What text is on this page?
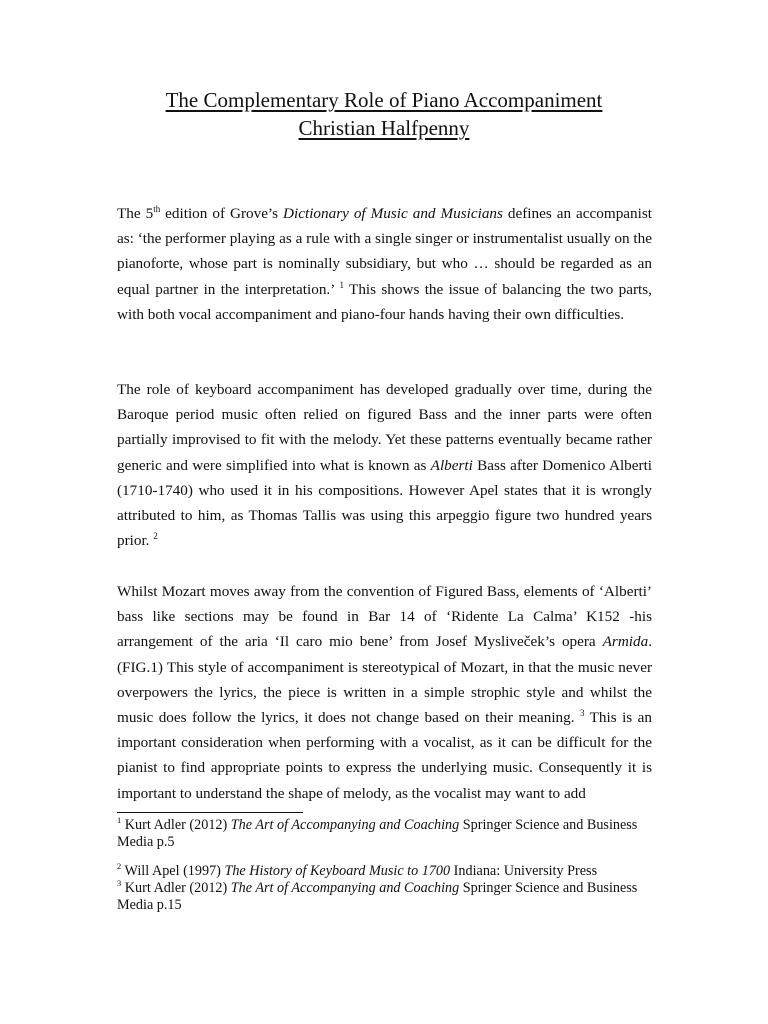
The Complementary Role of Piano Accompaniment
Christian Halfpenny

The 5th edition of Grove’s Dictionary of Music and Musicians defines an accompanist as: ‘the performer playing as a rule with a single singer or instrumentalist usually on the pianoforte, whose part is nominally subsidiary, but who … should be regarded as an equal partner in the interpretation.’ $^1$ This shows the issue of balancing the two parts, with both vocal accompaniment and piano-four hands having their own difficulties.

The role of keyboard accompaniment has developed gradually over time, during the Baroque period music often relied on figured Bass and the inner parts were often partially improvised to fit with the melody. Yet these patterns eventually became rather generic and were simplified into what is known as Alberti Bass after Domenico Alberti (1710-1740) who used it in his compositions. However Apel states that it is wrongly attributed to him, as Thomas Tallis was using this arpeggio figure two hundred years prior. $^2$

Whilst Mozart moves away from the convention of Figured Bass, elements of ‘Alberti’ bass like sections may be found in Bar 14 of ‘Ridente La Calma’ K152 -his arrangement of the aria ‘Il caro mio bene’ from Josef Mysliveček’s opera Armida. (FIG.1) This style of accompaniment is stereotypical of Mozart, in that the music never overpowers the lyrics, the piece is written in a simple strophic style and whilst the music does follow the lyrics, it does not change based on their meaning. $^3$ This is an important consideration when performing with a vocalist, as it can be difficult for the pianist to find appropriate points to express the underlying music. Consequently it is important to understand the shape of melody, as the vocalist may want to add

$^1$ Kurt Adler (2012) The Art of Accompanying and Coaching Springer Science and Business Media p.5

$^2$ Will Apel (1997) The History of Keyboard Music to 1700 Indiana: University Press

$^3$ Kurt Adler (2012) The Art of Accompanying and Coaching Springer Science and Business Media p.15
